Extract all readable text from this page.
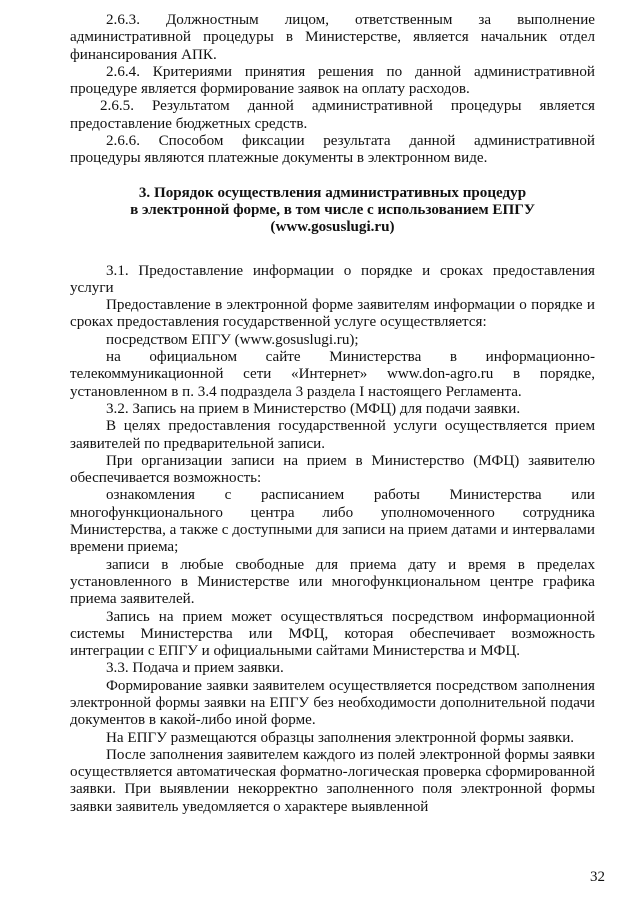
2.6.3. Должностным лицом, ответственным за выполнение административной процедуры в Министерстве, является начальник отдел финансирования АПК.

2.6.4. Критериями принятия решения по данной административной процедуре является формирование заявок на оплату расходов.

2.6.5. Результатом данной административной процедуры является предоставление бюджетных средств.

2.6.6. Способом фиксации результата данной административной процедуры являются платежные документы в электронном виде.

3. Порядок осуществления административных процедур

в электронной форме, в том числе с использованием ЕПГУ

(www.gosuslugi.ru)

3.1. Предоставление информации о порядке и сроках предоставления услуги

Предоставление в электронной форме заявителям информации о порядке и сроках предоставления государственной услуге осуществляется:

посредством ЕПГУ (www.gosuslugi.ru);

на официальном сайте Министерства в информационно-телекоммуникационной сети «Интернет» www.don-agro.ru в порядке, установленном в п. 3.4 подраздела 3 раздела I настоящего Регламента.

3.2. Запись на прием в Министерство (МФЦ) для подачи заявки.

В целях предоставления государственной услуги осуществляется прием заявителей по предварительной записи.

При организации записи на прием в Министерство (МФЦ) заявителю обеспечивается возможность:

ознакомления с расписанием работы Министерства или многофункционального центра либо уполномоченного сотрудника Министерства, а также с доступными для записи на прием датами и интервалами времени приема;

записи в любые свободные для приема дату и время в пределах установленного в Министерстве или многофункциональном центре графика приема заявителей.

Запись на прием может осуществляться посредством информационной системы Министерства или МФЦ, которая обеспечивает возможность интеграции с ЕПГУ и официальными сайтами Министерства и МФЦ.

3.3. Подача и прием заявки.

Формирование заявки заявителем осуществляется посредством заполнения электронной формы заявки на ЕПГУ без необходимости дополнительной подачи документов в какой-либо иной форме.

На ЕПГУ размещаются образцы заполнения электронной формы заявки.

После заполнения заявителем каждого из полей электронной формы заявки осуществляется автоматическая форматно-логическая проверка сформированной заявки. При выявлении некорректно заполненного поля электронной формы заявки заявитель уведомляется о характере выявленной

32
